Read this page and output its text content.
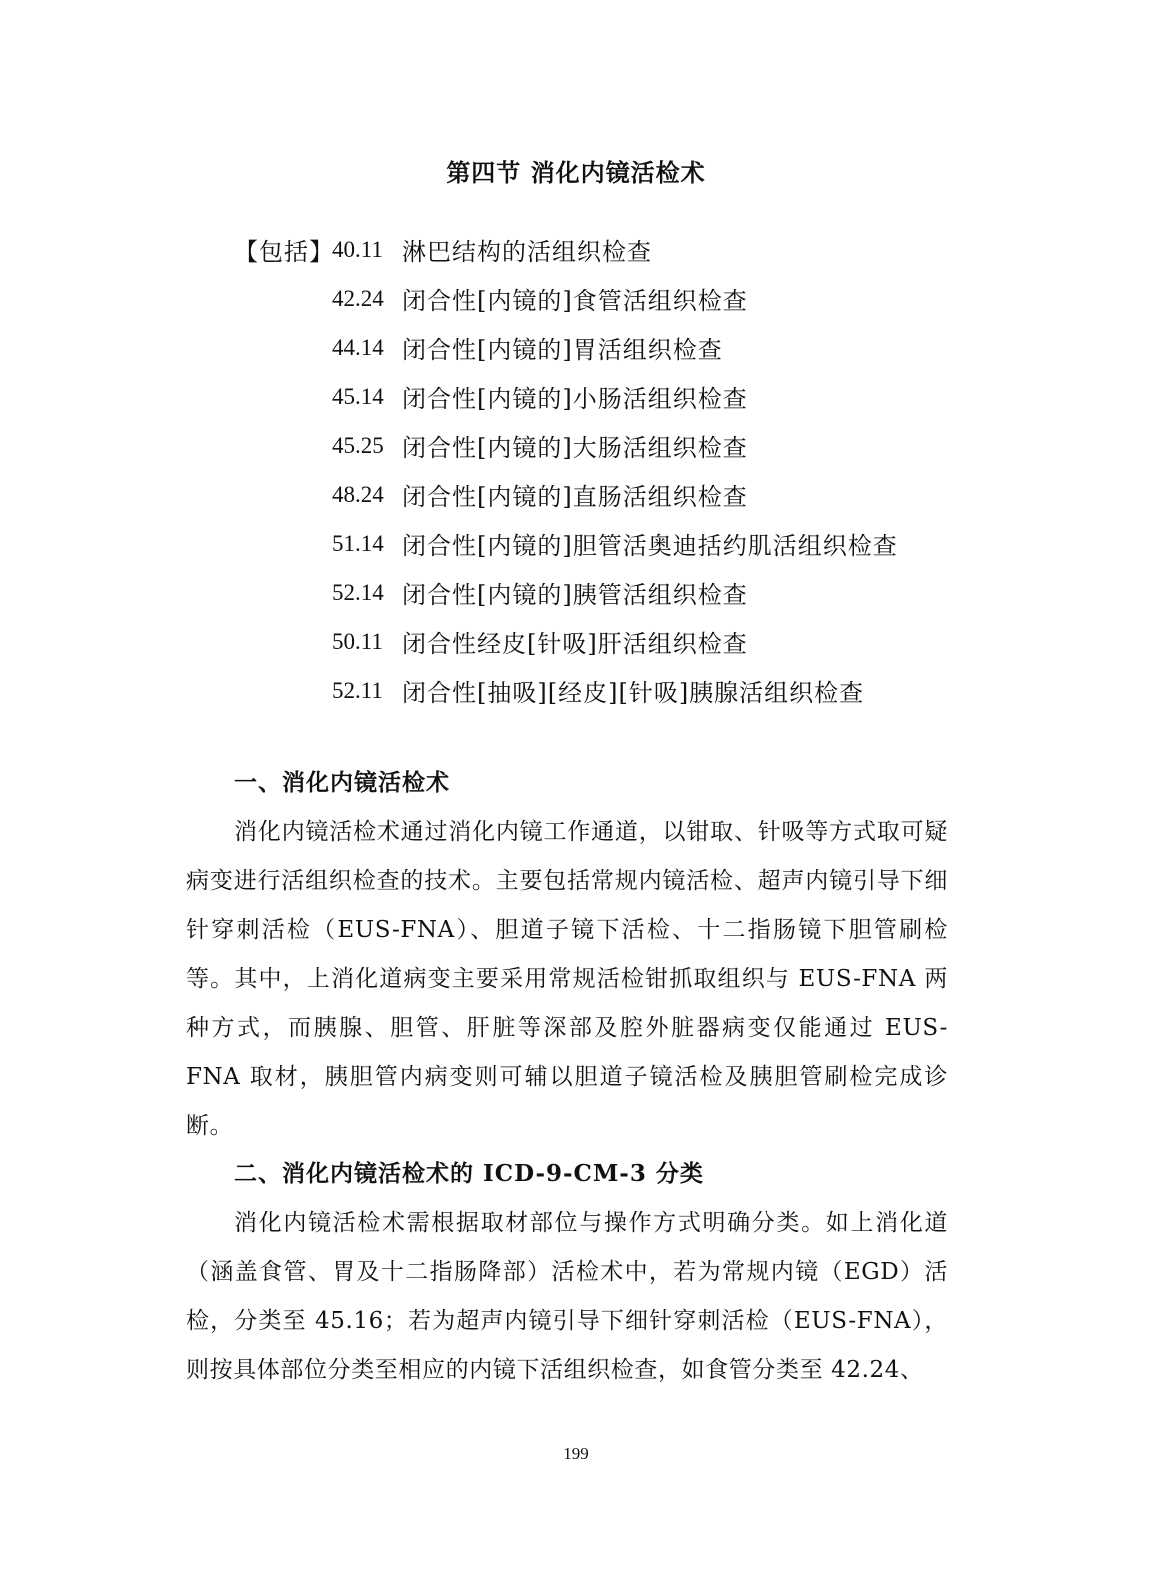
第四节 消化内镜活检术
【包括】
40.11 淋巴结构的活组织检查
42.24 闭合性[内镜的]食管活组织检查
44.14 闭合性[内镜的]胃活组织检查
45.14 闭合性[内镜的]小肠活组织检查
45.25 闭合性[内镜的]大肠活组织检查
48.24 闭合性[内镜的]直肠活组织检查
51.14 闭合性[内镜的]胆管活奥迪括约肌活组织检查
52.14 闭合性[内镜的]胰管活组织检查
50.11 闭合性经皮[针吸]肝活组织检查
52.11 闭合性[抽吸][经皮][针吸]胰腺活组织检查
一、消化内镜活检术

消化内镜活检术通过消化内镜工作通道，以钳取、针吸等方式取可疑病变进行活组织检查的技术。主要包括常规内镜活检、超声内镜引导下细针穿刺活检（EUS-FNA）、胆道子镜下活检、十二指肠镜下胆管刷检等。其中，上消化道病变主要采用常规活检钳抓取组织与 EUS-FNA 两种方式，而胰腺、胆管、肝脏等深部及腔外脏器病变仅能通过 EUS-FNA 取材，胰胆管内病变则可辅以胆道子镜活检及胰胆管刷检完成诊断。

二、消化内镜活检术的 ICD-9-CM-3 分类

消化内镜活检术需根据取材部位与操作方式明确分类。如上消化道（涵盖食管、胃及十二指肠降部）活检术中，若为常规内镜（EGD）活检，分类至 45.16；若为超声内镜引导下细针穿刺活检（EUS-FNA），则按具体部位分类至相应的内镜下活组织检查，如食管分类至 42.24、

199
